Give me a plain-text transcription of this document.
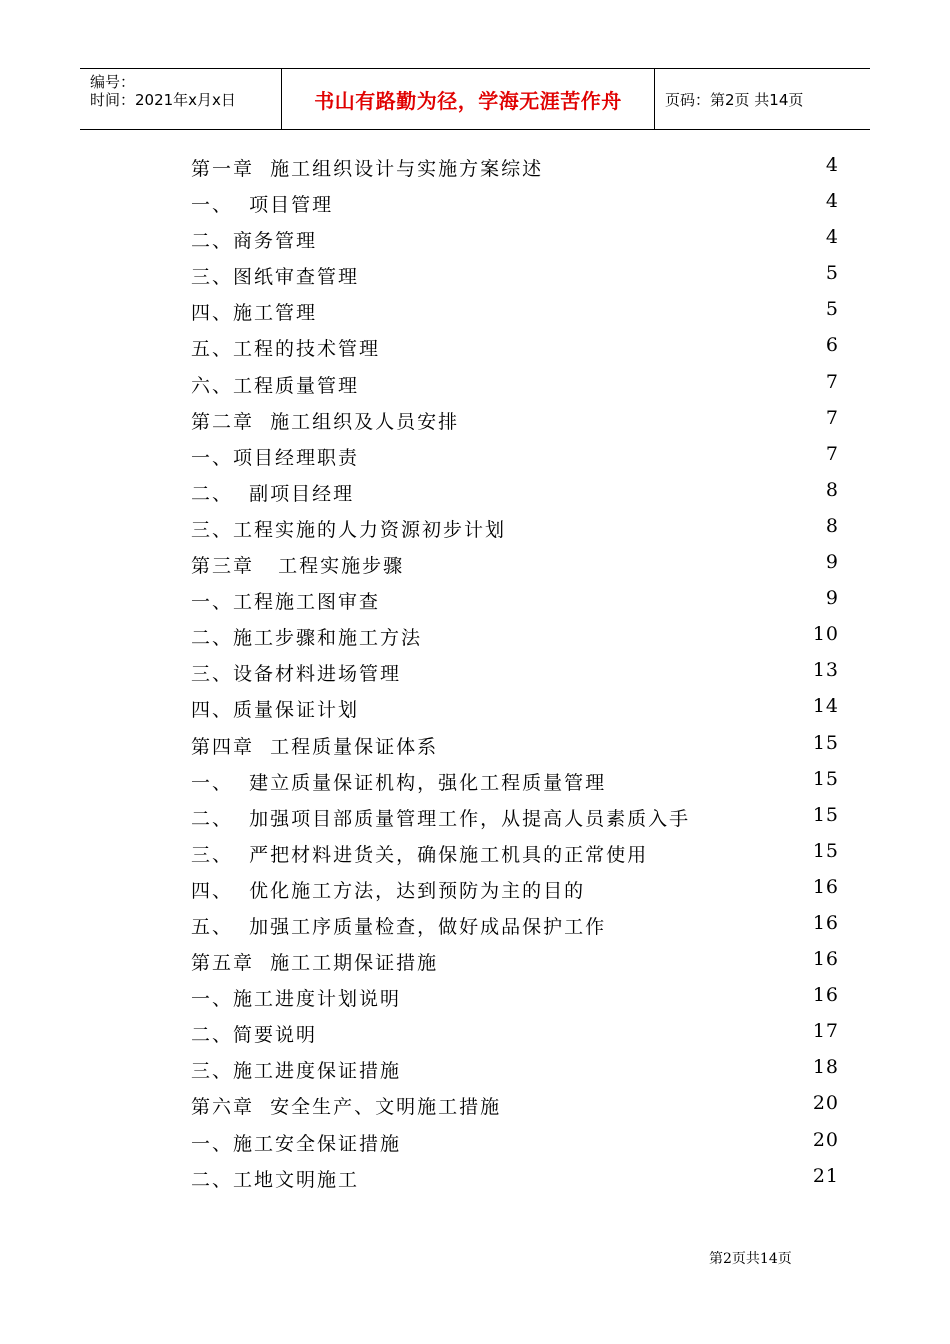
编号：
时间：2021年x月x日	书山有路勤为径，学海无涯苦作舟	页码：第2页 共14页
第一章  施工组织设计与实施方案综述	4
一、  项目管理	4
二、商务管理	4
三、图纸审查管理	5
四、施工管理	5
五、工程的技术管理	6
六、工程质量管理	7
第二章  施工组织及人员安排	7
一、项目经理职责	7
二、  副项目经理	8
三、工程实施的人力资源初步计划	8
第三章   工程实施步骤	9
一、工程施工图审查	9
二、施工步骤和施工方法	10
三、设备材料进场管理	13
四、质量保证计划	14
第四章  工程质量保证体系	15
一、  建立质量保证机构，强化工程质量管理	15
二、  加强项目部质量管理工作，从提高人员素质入手	15
三、  严把材料进货关，确保施工机具的正常使用	15
四、  优化施工方法，达到预防为主的目的	16
五、  加强工序质量检查，做好成品保护工作	16
第五章  施工工期保证措施	16
一、施工进度计划说明	16
二、简要说明	17
三、施工进度保证措施	18
第六章  安全生产、文明施工措施	20
一、施工安全保证措施	20
二、工地文明施工	21
第2页共14页
